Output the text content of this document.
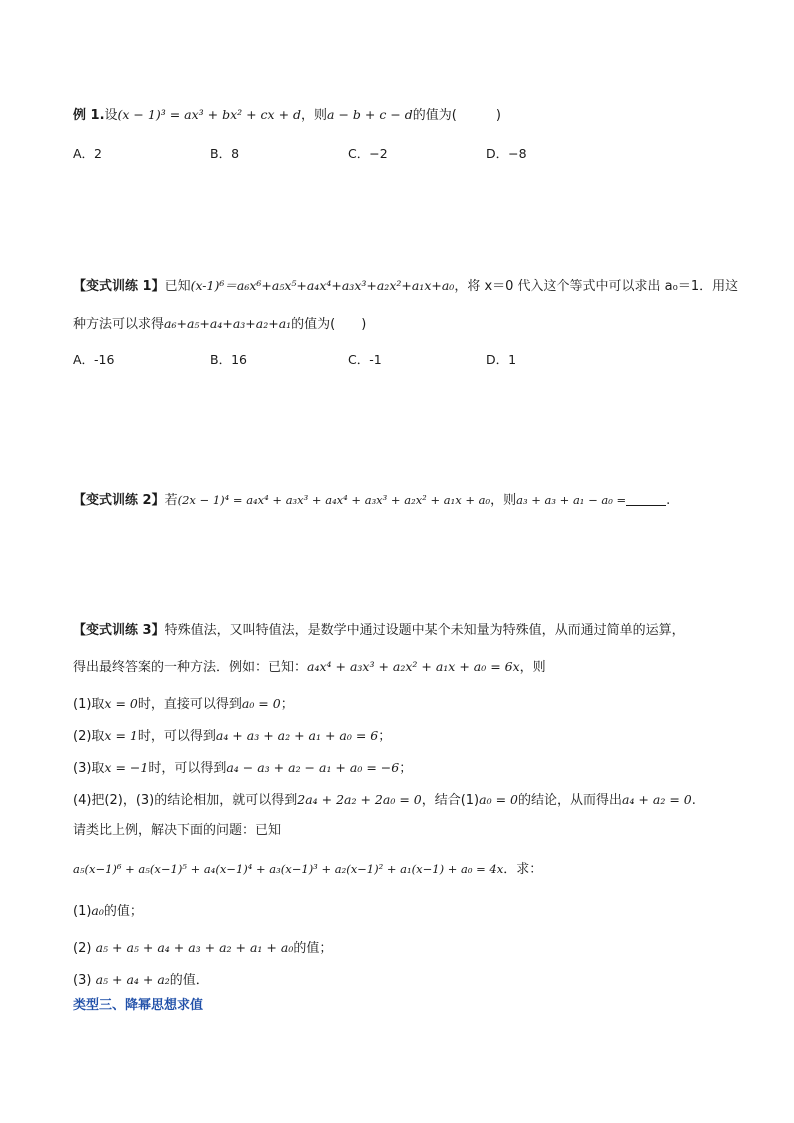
例 1.设(x − 1)³ = ax³ + bx² + cx + d，则a − b + c − d的值为(　　　)
A．2	B．8	C．−2	D．−8
【变式训练 1】已知(x-1)⁶＝a₆x⁶+a₅x⁵+a₄x⁴+a₃x³+a₂x²+a₁x+a₀，将 x＝0 代入这个等式中可以求出 a₀＝1．用这
种方法可以求得a₆+a₅+a₄+a₃+a₂+a₁的值为(　　)
A．-16	B．16	C．-1	D．1
【变式训练 2】若(2x − 1)⁴ = a₄x⁴ + a₃x³ + a₄x⁴ + a₃x³ + a₂x² + a₁x + a₀，则a₃ + a₃ + a₁ − a₀ =	.
【变式训练 3】特殊值法，又叫特值法，是数学中通过设题中某个未知量为特殊值，从而通过简单的运算，
得出最终答案的一种方法．例如：已知：a₄x⁴ + a₃x³ + a₂x² + a₁x + a₀ = 6x，则
(1)取x = 0时，直接可以得到a₀ = 0；
(2)取x = 1时，可以得到a₄ + a₃ + a₂ + a₁ + a₀ = 6；
(3)取x = −1时，可以得到a₄ − a₃ + a₂ − a₁ + a₀ = −6；
(4)把(2)，(3)的结论相加，就可以得到2a₄ + 2a₂ + 2a₀ = 0，结合(1)a₀ = 0的结论，从而得出a₄ + a₂ = 0.
请类比上例，解决下面的问题：已知
a₅(x−1)⁶ + a₅(x−1)⁵ + a₄(x−1)⁴ + a₃(x−1)³ + a₂(x−1)² + a₁(x−1) + a₀ = 4x．求：
(1)a₀的值；
(2) a₅ + a₅ + a₄ + a₃ + a₂ + a₁ + a₀的值；
(3) a₅ + a₄ + a₂的值．
类型三、降幂思想求值
